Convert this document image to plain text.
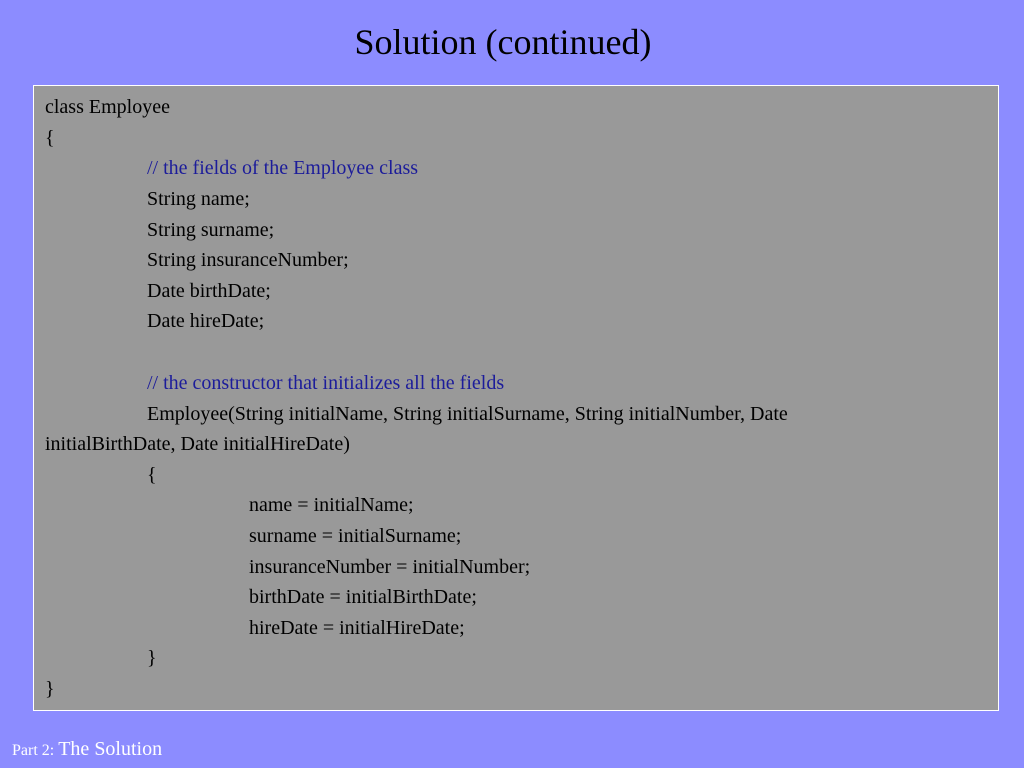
Solution (continued)
class Employee
{
// the fields of the Employee class
String name;
String surname;
String insuranceNumber;
Date birthDate;
Date hireDate;
// the constructor that initializes all the fields
Employee(String initialName, String initialSurname, String initialNumber, Date
initialBirthDate, Date initialHireDate)
{
name = initialName;
surname = initialSurname;
insuranceNumber = initialNumber;
birthDate = initialBirthDate;
hireDate = initialHireDate;
}
}
Part 2: The Solution
